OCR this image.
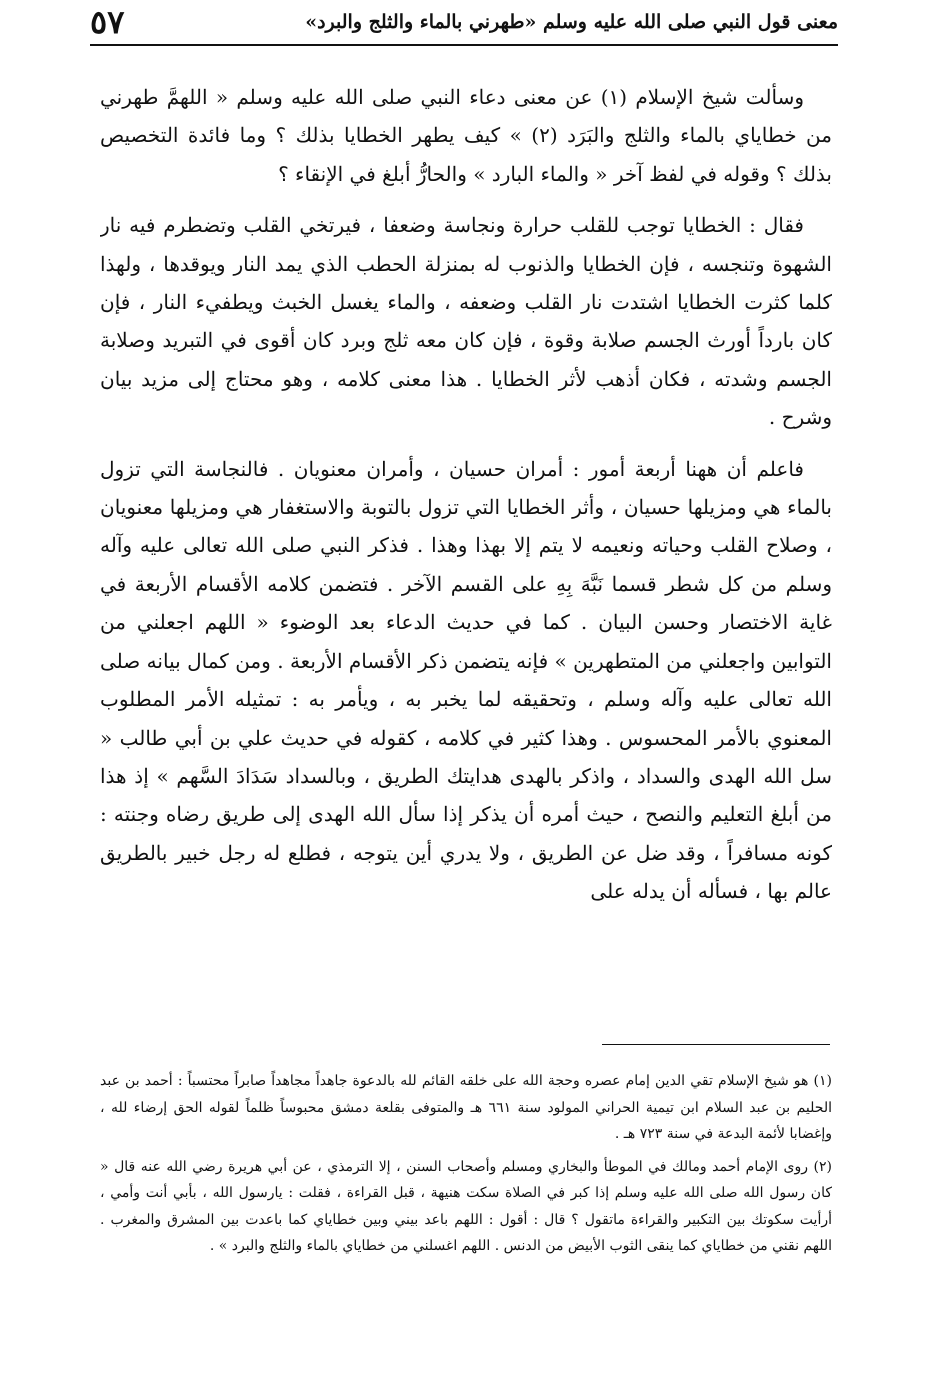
معنى قول النبي صلى الله عليه وسلم «طهرني بالماء والثلج والبرد»
٥٧

وسألت شيخ الإسلام (١) عن معنى دعاء النبي صلى الله عليه وسلم « اللهمَّ طهرني من خطاياي بالماء والثلج والبَرَد (٢) » كيف يطهر الخطايا بذلك ؟ وما فائدة التخصيص بذلك ؟ وقوله في لفظ آخر « والماء البارد » والحارُّ أبلغ في الإنقاء ؟

فقال : الخطايا توجب للقلب حرارة ونجاسة وضعفا ، فيرتخي القلب وتضطرم فيه نار الشهوة وتنجسه ، فإن الخطايا والذنوب له بمنزلة الحطب الذي يمد النار ويوقدها ، ولهذا كلما كثرت الخطايا اشتدت نار القلب وضعفه ، والماء يغسل الخبث ويطفيء النار ، فإن كان بارداً أورث الجسم صلابة وقوة ، فإن كان معه ثلج وبرد كان أقوى في التبريد وصلابة الجسم وشدته ، فكان أذهب لأثر الخطايا . هذا معنى كلامه ، وهو محتاج إلى مزيد بيان وشرح .

فاعلم أن ههنا أربعة أمور : أمران حسيان ، وأمران معنويان . فالنجاسة التي تزول بالماء هي ومزيلها حسيان ، وأثر الخطايا التي تزول بالتوبة والاستغفار هي ومزيلها معنويان ، وصلاح القلب وحياته ونعيمه لا يتم إلا بهذا وهذا . فذكر النبي صلى الله تعالى عليه وآله وسلم من كل شطر قسما نَبَّهَ بِهِ على القسم الآخر . فتضمن كلامه الأقسام الأربعة في غاية الاختصار وحسن البيان . كما في حديث الدعاء بعد الوضوء « اللهم اجعلني من التوابين واجعلني من المتطهرين » فإنه يتضمن ذكر الأقسام الأربعة . ومن كمال بيانه صلى الله تعالى عليه وآله وسلم ، وتحقيقه لما يخبر به ، ويأمر به : تمثيله الأمر المطلوب المعنوي بالأمر المحسوس . وهذا كثير في كلامه ، كقوله في حديث علي بن أبي طالب « سل الله الهدى والسداد ، واذكر بالهدى هدايتك الطريق ، وبالسداد سَدَادَ السَّهم » إذ هذا من أبلغ التعليم والنصح ، حيث أمره أن يذكر إذا سأل الله الهدى إلى طريق رضاه وجنته : كونه مسافراً ، وقد ضل عن الطريق ، ولا يدري أين يتوجه ، فطلع له رجل خبير بالطريق عالم بها ، فسأله أن يدله على

(١) هو شيخ الإسلام تقي الدين إمام عصره وحجة الله على خلقه القائم لله بالدعوة جاهداً مجاهداً صابراً محتسباً : أحمد بن عبد الحليم بن عبد السلام ابن تيمية الحراني المولود سنة ٦٦١ هـ والمتوفى بقلعة دمشق محبوساً ظلماً لقوله الحق إرضاء لله ، وإغضابا لأئمة البدعة في سنة ٧٢٣ هـ .

(٢) روى الإمام أحمد ومالك في الموطأ والبخاري ومسلم وأصحاب السنن ، إلا الترمذي ، عن أبي هريرة رضي الله عنه قال « كان رسول الله صلى الله عليه وسلم إذا كبر في الصلاة سكت هنيهة ، قبل القراءة ، فقلت : يارسول الله ، بأبي أنت وأمي ، أرأيت سكوتك بين التكبير والقراءة ماتقول ؟ قال : أقول : اللهم باعد بيني وبين خطاياي كما باعدت بين المشرق والمغرب . اللهم نقني من خطاياي كما ينقى الثوب الأبيض من الدنس . اللهم اغسلني من خطاياي بالماء والثلج والبرد » .
